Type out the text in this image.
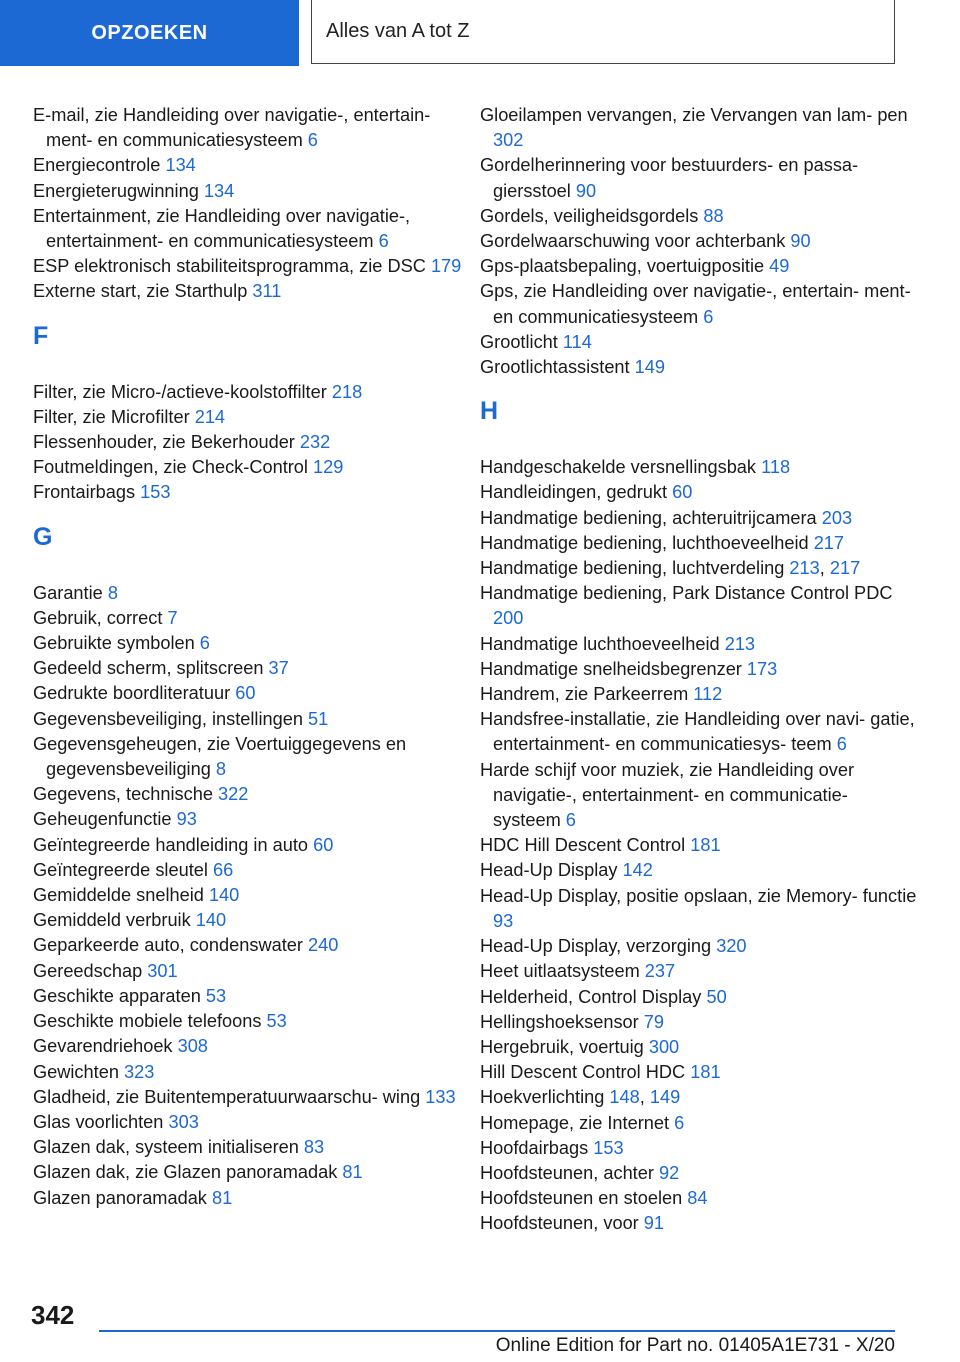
OPZOEKEN	Alles van A tot Z
E-mail, zie Handleiding over navigatie-, entertain‐ ment- en communicatiesysteem 6
Energiecontrole 134
Energieterugwinning 134
Entertainment, zie Handleiding over navigatie-, entertainment- en communicatiesysteem 6
ESP elektronisch stabiliteitsprogramma, zie DSC 179
Externe start, zie Starthulp 311
F
Filter, zie Micro-/actieve-koolstoffilter 218
Filter, zie Microfilter 214
Flessenhouder, zie Bekerhouder 232
Foutmeldingen, zie Check-Control 129
Frontairbags 153
G
Garantie 8
Gebruik, correct 7
Gebruikte symbolen 6
Gedeeld scherm, splitscreen 37
Gedrukte boordliteratuur 60
Gegevensbeveiliging, instellingen 51
Gegevensgeheugen, zie Voertuiggegevens en gegevensbeveiliging 8
Gegevens, technische 322
Geheugenfunctie 93
Geïntegreerde handleiding in auto 60
Geïntegreerde sleutel 66
Gemiddelde snelheid 140
Gemiddeld verbruik 140
Geparkeerde auto, condenswater 240
Gereedschap 301
Geschikte apparaten 53
Geschikte mobiele telefoons 53
Gevarendriehoek 308
Gewichten 323
Gladheid, zie Buitentemperatuurwaarschu‐ wing 133
Glas voorlichten 303
Glazen dak, systeem initialiseren 83
Glazen dak, zie Glazen panoramadak 81
Glazen panoramadak 81
Gloeilampen vervangen, zie Vervangen van lam‐ pen 302
Gordelherinnering voor bestuurders- en passa‐ giersstoel 90
Gordels, veiligheidsgordels 88
Gordelwaarschuwing voor achterbank 90
Gps-plaatsbepaling, voertuigpositie 49
Gps, zie Handleiding over navigatie-, entertain‐ ment- en communicatiesysteem 6
Grootlicht 114
Grootlichtassistent 149
H
Handgeschakelde versnellingsbak 118
Handleidingen, gedrukt 60
Handmatige bediening, achteruitrijcamera 203
Handmatige bediening, luchthoeveelheid 217
Handmatige bediening, luchtverdeling 213, 217
Handmatige bediening, Park Distance Control PDC 200
Handmatige luchthoeveelheid 213
Handmatige snelheidsbegrenzer 173
Handrem, zie Parkeerrem 112
Handsfree-installatie, zie Handleiding over navi‐ gatie, entertainment- en communicatiesys‐ teem 6
Harde schijf voor muziek, zie Handleiding over navigatie-, entertainment- en communicatie‐ systeem 6
HDC Hill Descent Control 181
Head-Up Display 142
Head-Up Display, positie opslaan, zie Memory‐ functie 93
Head-Up Display, verzorging 320
Heet uitlaatsysteem 237
Helderheid, Control Display 50
Hellingshoeksensor 79
Hergebruik, voertuig 300
Hill Descent Control HDC 181
Hoekverlichting 148, 149
Homepage, zie Internet 6
Hoofdairbags 153
Hoofdsteunen, achter 92
Hoofdsteunen en stoelen 84
Hoofdsteunen, voor 91
342
Online Edition for Part no. 01405A1E731 - X/20
